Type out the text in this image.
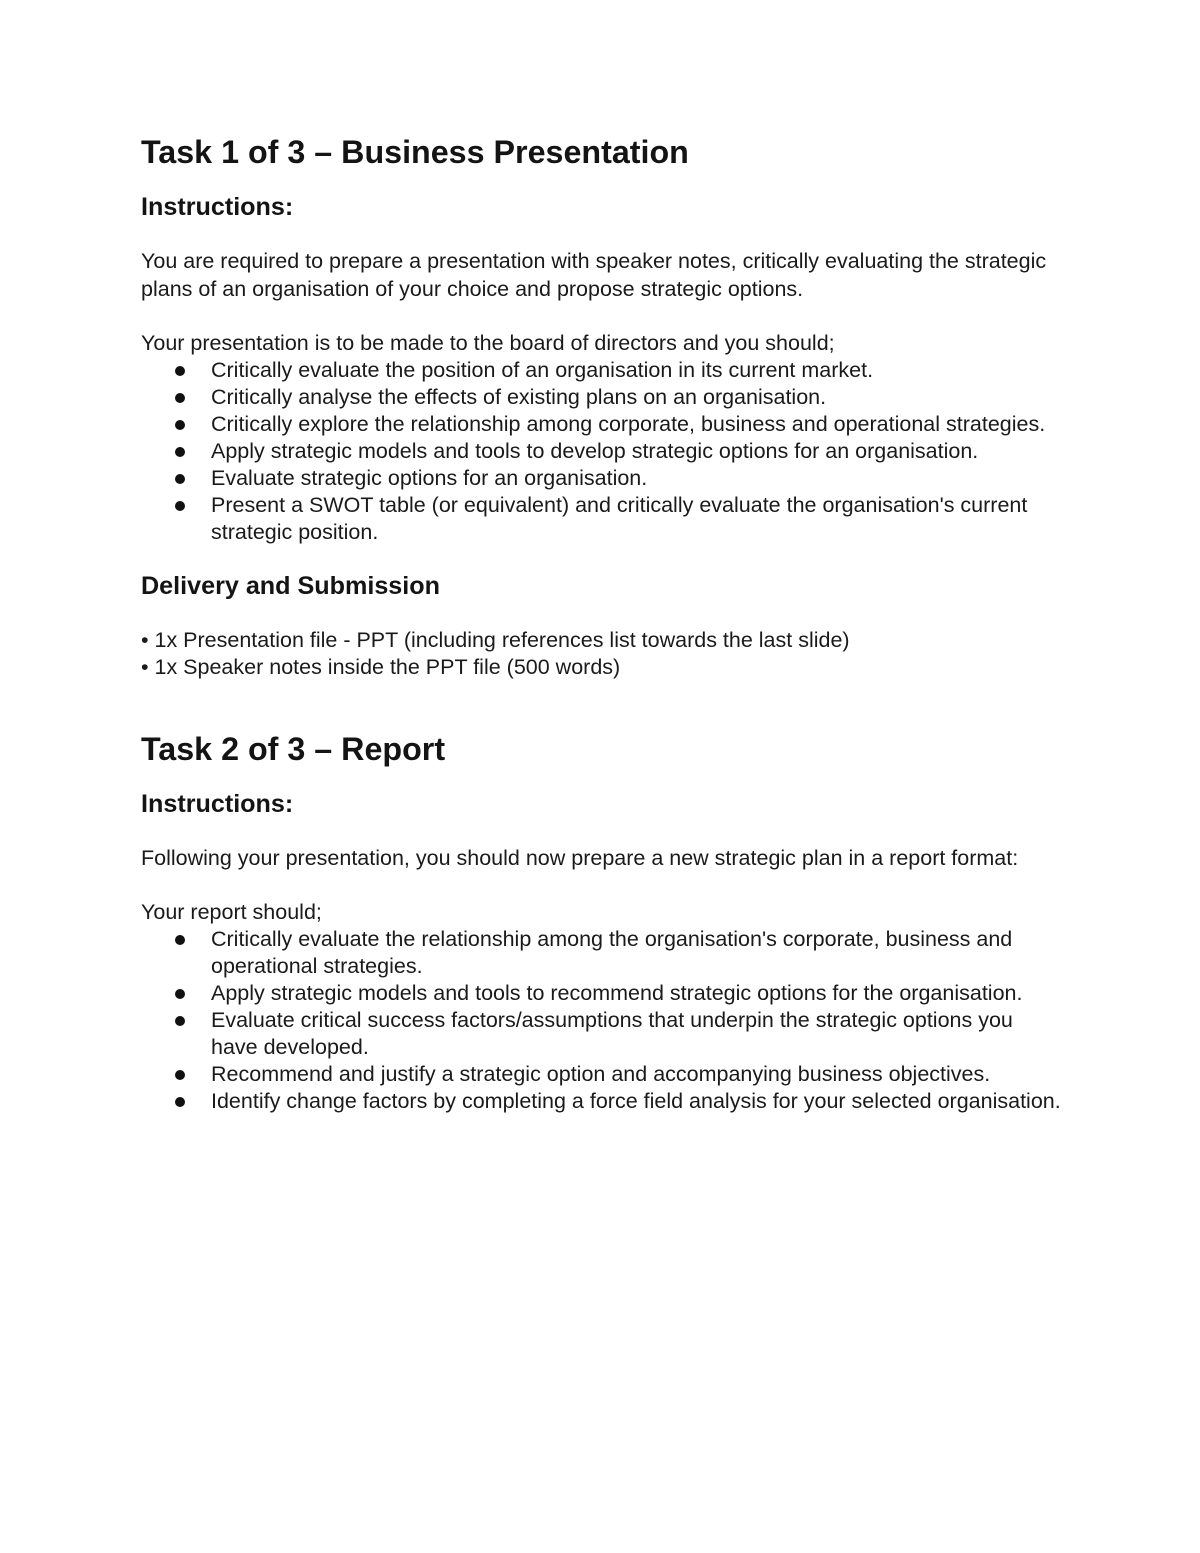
Task 1 of 3 – Business Presentation
Instructions:

You are required to prepare a presentation with speaker notes, critically evaluating the strategic plans of an organisation of your choice and propose strategic options.

Your presentation is to be made to the board of directors and you should;

Critically evaluate the position of an organisation in its current market.
Critically analyse the effects of existing plans on an organisation.
Critically explore the relationship among corporate, business and operational strategies.
Apply strategic models and tools to develop strategic options for an organisation.
Evaluate strategic options for an organisation.
Present a SWOT table (or equivalent) and critically evaluate the organisation's current strategic position.
Delivery and Submission

• 1x Presentation file - PPT (including references list towards the last slide)

• 1x Speaker notes inside the PPT file (500 words)

Task 2 of 3 – Report
Instructions:

Following your presentation, you should now prepare a new strategic plan in a report format:

Your report should;

Critically evaluate the relationship among the organisation's corporate, business and operational strategies.
Apply strategic models and tools to recommend strategic options for the organisation.
Evaluate critical success factors/assumptions that underpin the strategic options you have developed.
Recommend and justify a strategic option and accompanying business objectives.
Identify change factors by completing a force field analysis for your selected organisation.
